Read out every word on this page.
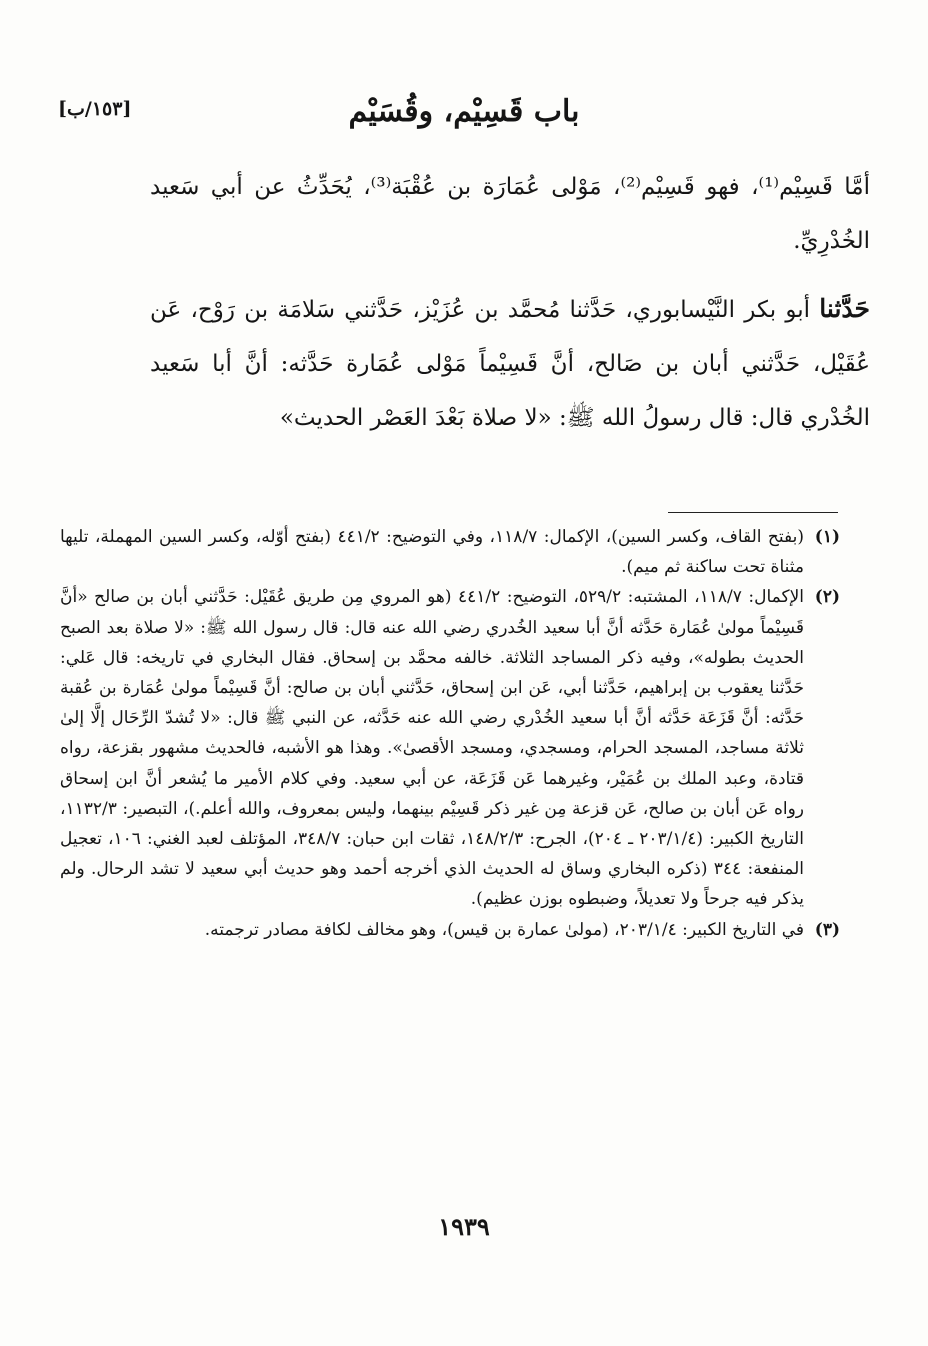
[١٥٣/ب]	باب قَسِيْم، وقُسَيْم

أمَّا قَسِيْم⁽¹⁾، فهو قَسِيْم⁽²⁾، مَوْلى عُمَارَة بن عُقْبَة⁽³⁾، يُحَدِّثُ عن أبي سَعيد الخُدْرِيِّ.

حَدَّثنا أبو بكر النَّيْسابوري، حَدَّثنا مُحمَّد بن عُزَيْز، حَدَّثني سَلامَة بن رَوْح، عَن عُقَيْل، حَدَّثني أبان بن صَالح، أنَّ قَسِيْماً مَوْلى عُمَارة حَدَّثه: أنَّ أبا سَعيد الخُدْري قال: قال رسولُ الله ﷺ: «لا صلاة بَعْدَ العَصْر الحديث»

(١)
(بفتح القاف، وكسر السين)، الإكمال: ١١٨/٧، وفي التوضيح: ٤٤١/٢ (بفتح أوّله، وكسر السين المهملة، تليها مثناة تحت ساكنة ثم ميم).

(٢)
الإكمال: ١١٨/٧، المشتبه: ٥٢٩/٢، التوضيح: ٤٤١/٢ (هو المروي مِن طريق عُقَيْل: حَدَّثني أبان بن صالح «أنَّ قَسِيْماً مولىٰ عُمَارة حَدَّثه أنَّ أبا سعيد الخُدري رضي الله عنه قال: قال رسول الله ﷺ: «لا صلاة بعد الصبح الحديث بطوله»، وفيه ذكر المساجد الثلاثة. خالفه محمَّد بن إسحاق. فقال البخاري في تاريخه: قال عَلي: حَدَّثنا يعقوب بن إبراهيم، حَدَّثنا أبي، عَن ابن إسحاق، حَدَّثني أبان بن صالح: أنَّ قَسِيْماً مولىٰ عُمَارة بن عُقبة حَدَّثه: أنَّ قَزَعَة حَدَّثه أنَّ أبا سعيد الخُدْري رضي الله عنه حَدَّثه، عن النبي ﷺ قال: «لا تُشدّ الرِّحَال إلَّا إلىٰ ثلاثة مساجد، المسجد الحرام، ومسجدي، ومسجد الأقصىٰ». وهذا هو الأشبه، فالحديث مشهور بقزعة، رواه قتادة، وعبد الملك بن عُمَيْر، وغيرهما عَن قَزَعَة، عن أبي سعيد. وفي كلام الأمير ما يُشعر أنَّ ابن إسحاق رواه عَن أبان بن صالح، عَن قزعة مِن غير ذكر قَسِيْم بينهما، وليس بمعروف، والله أعلم.)، التبصير: ١١٣٢/٣، التاريخ الكبير: (٢٠٣/١/٤ ـ ٢٠٤)، الجرح: ١٤٨/٢/٣، ثقات ابن حبان: ٣٤٨/٧، المؤتلف لعبد الغني: ١٠٦، تعجيل المنفعة: ٣٤٤ (ذكره البخاري وساق له الحديث الذي أخرجه أحمد وهو حديث أبي سعيد لا تشد الرحال. ولم يذكر فيه جرحاً ولا تعديلاً، وضبطوه بوزن عظيم).

(٣)
في التاريخ الكبير: ٢٠٣/١/٤، (مولىٰ عمارة بن قيس)، وهو مخالف لكافة مصادر ترجمته.

١٩٣٩
